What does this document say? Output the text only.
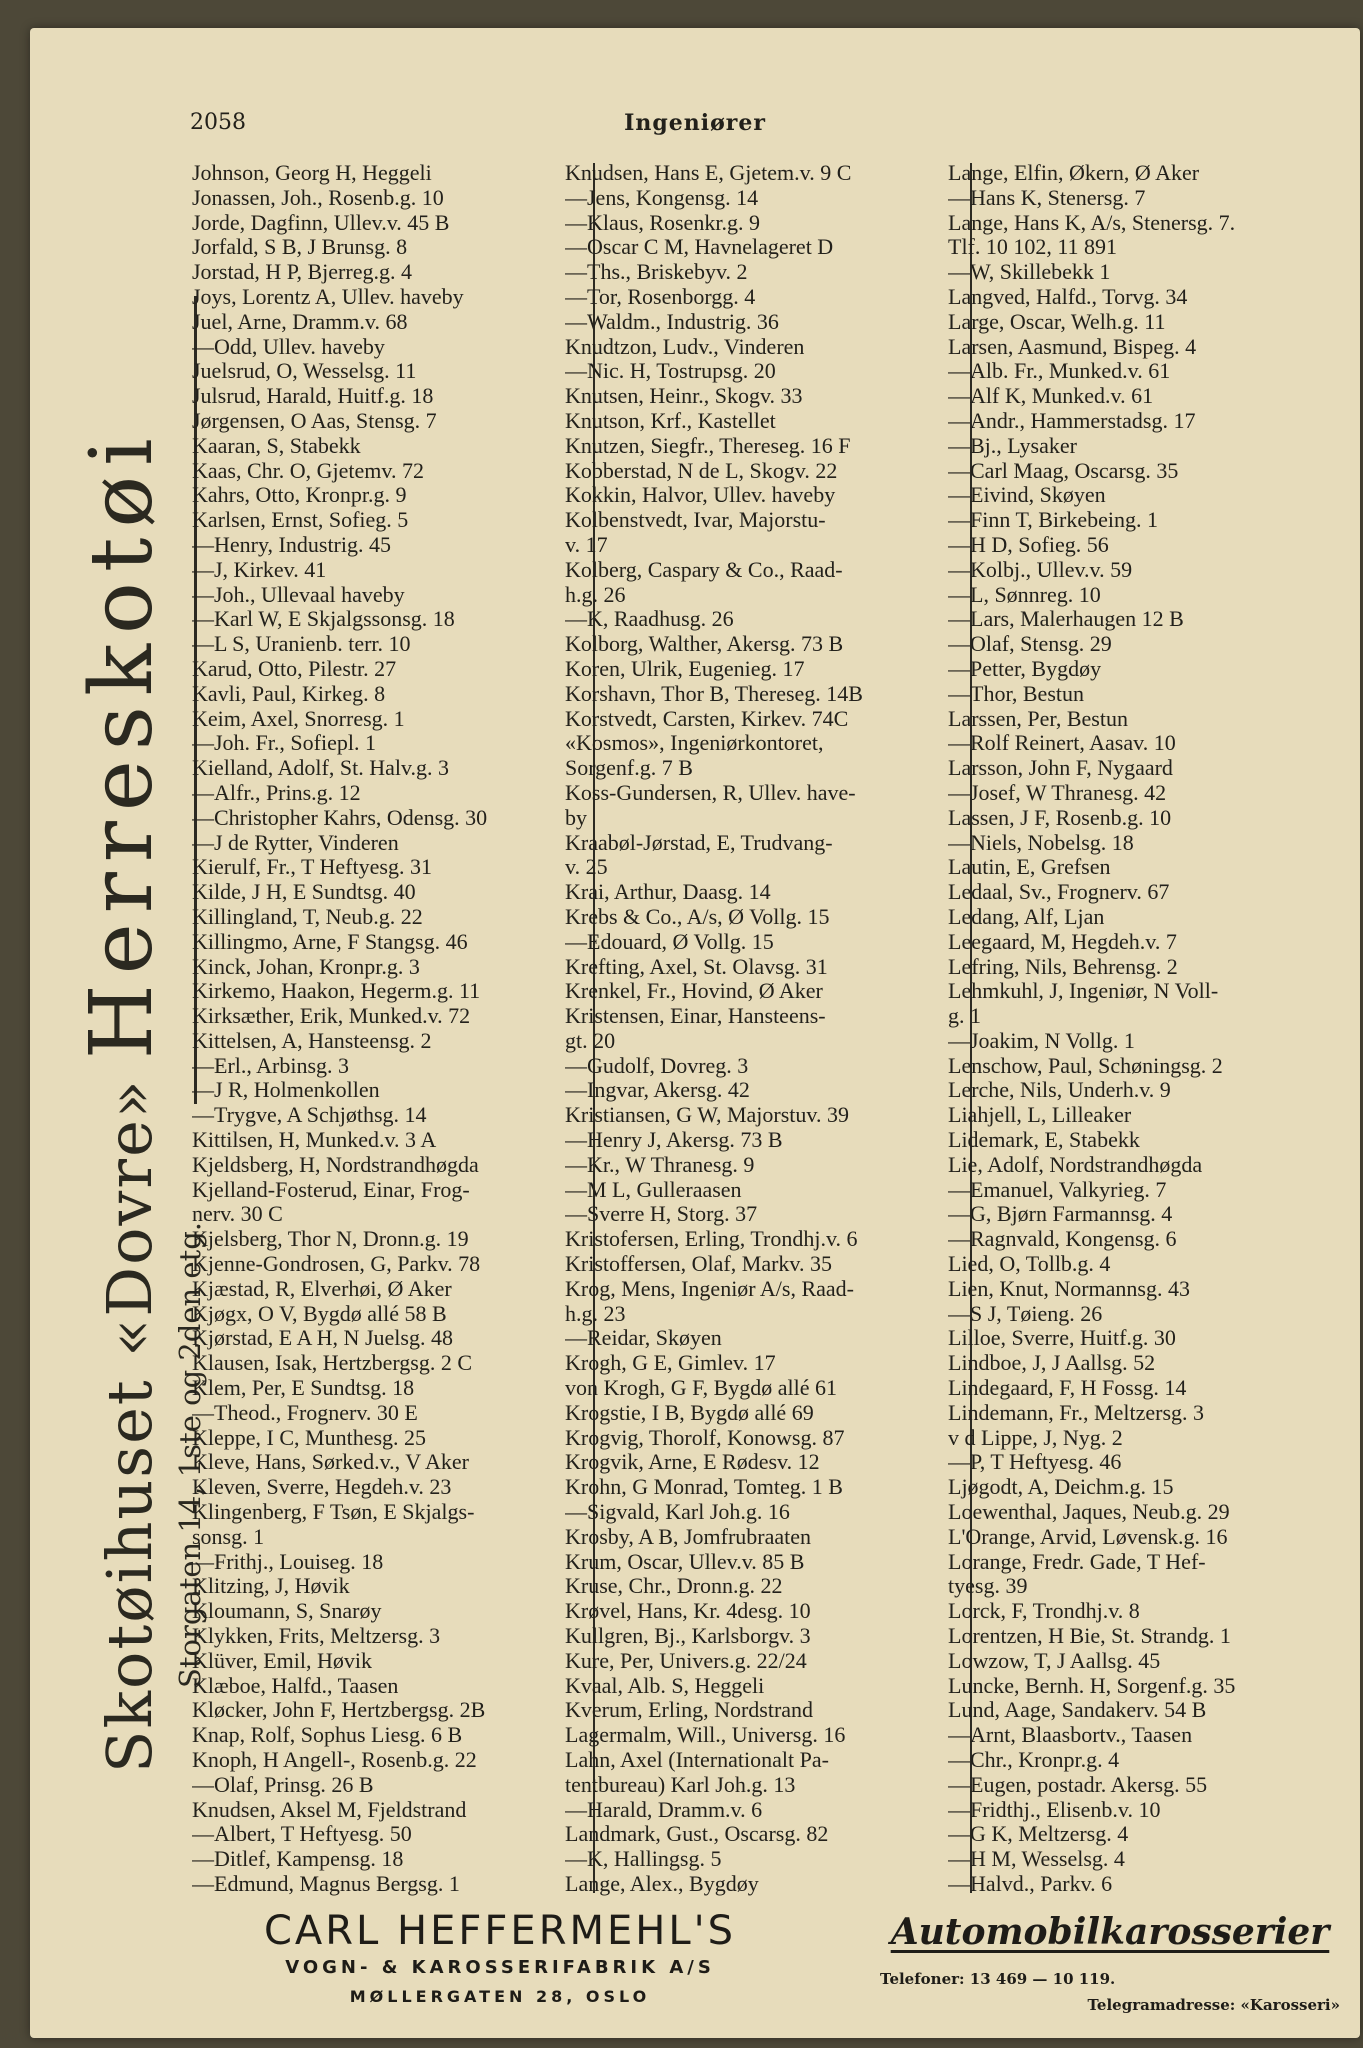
2058	Ingeniører
Skotøihuset «Dovre» Herreskotøi
Storgaten 14, 1ste og 2den etg.
Johnson, Georg H, Heggeli
Jonassen, Joh., Rosenb.g. 10
Jorde, Dagfinn, Ullev.v. 45 B
Jorfald, S B, J Brunsg. 8
Jorstad, H P, Bjerreg.g. 4
Joys, Lorentz A, Ullev. haveby
Juel, Arne, Dramm.v. 68
—Odd, Ullev. haveby
Juelsrud, O, Wesselsg. 11
Julsrud, Harald, Huitf.g. 18
Jørgensen, O Aas, Stensg. 7
Kaaran, S, Stabekk
Kaas, Chr. O, Gjetemv. 72
Kahrs, Otto, Kronpr.g. 9
Karlsen, Ernst, Sofieg. 5
—Henry, Industrig. 45
—J, Kirkev. 41
—Joh., Ullevaal haveby
—Karl W, E Skjalgssonsg. 18
—L S, Uranienb. terr. 10
Karud, Otto, Pilestr. 27
Kavli, Paul, Kirkeg. 8
Keim, Axel, Snorresg. 1
—Joh. Fr., Sofiepl. 1
Kielland, Adolf, St. Halv.g. 3
—Alfr., Prins.g. 12
—Christopher Kahrs, Odensg. 30
—J de Rytter, Vinderen
Kierulf, Fr., T Heftyesg. 31
Kilde, J H, E Sundtsg. 40
Killingland, T, Neub.g. 22
Killingmo, Arne, F Stangsg. 46
Kinck, Johan, Kronpr.g. 3
Kirkemo, Haakon, Hegerm.g. 11
Kirksæther, Erik, Munked.v. 72
Kittelsen, A, Hansteensg. 2
—Erl., Arbinsg. 3
—J R, Holmenkollen
—Trygve, A Schjøthsg. 14
Kittilsen, H, Munked.v. 3 A
Kjeldsberg, H, Nordstrandhøgda
Kjelland-Fosterud, Einar, Frog-
nerv. 30 C
Kjelsberg, Thor N, Dronn.g. 19
Kjenne-Gondrosen, G, Parkv. 78
Kjæstad, R, Elverhøi, Ø Aker
Kjøgx, O V, Bygdø allé 58 B
Kjørstad, E A H, N Juelsg. 48
Klausen, Isak, Hertzbergsg. 2 C
Klem, Per, E Sundtsg. 18
—Theod., Frognerv. 30 E
Kleppe, I C, Munthesg. 25
Kleve, Hans, Sørked.v., V Aker
Kleven, Sverre, Hegdeh.v. 23
Klingenberg, F Tsøn, E Skjalgs-
sonsg. 1
—Frithj., Louiseg. 18
Klitzing, J, Høvik
Kloumann, S, Snarøy
Klykken, Frits, Meltzersg. 3
Klüver, Emil, Høvik
Klæboe, Halfd., Taasen
Kløcker, John F, Hertzbergsg. 2B
Knap, Rolf, Sophus Liesg. 6 B
Knoph, H Angell-, Rosenb.g. 22
—Olaf, Prinsg. 26 B
Knudsen, Aksel M, Fjeldstrand
—Albert, T Heftyesg. 50
—Ditlef, Kampensg. 18
—Edmund, Magnus Bergsg. 1
Knudsen, Hans E, Gjetem.v. 9 C
—Jens, Kongensg. 14
—Klaus, Rosenkr.g. 9
—Oscar C M, Havnelageret D
—Ths., Briskebyv. 2
—Tor, Rosenborgg. 4
—Waldm., Industrig. 36
Knudtzon, Ludv., Vinderen
—Nic. H, Tostrupsg. 20
Knutsen, Heinr., Skogv. 33
Knutson, Krf., Kastellet
Knutzen, Siegfr., Thereseg. 16 F
Kobberstad, N de L, Skogv. 22
Kokkin, Halvor, Ullev. haveby
Kolbenstvedt, Ivar, Majorstu-
v. 17
Kolberg, Caspary & Co., Raad-
h.g. 26
—K, Raadhusg. 26
Kolborg, Walther, Akersg. 73 B
Koren, Ulrik, Eugenieg. 17
Korshavn, Thor B, Thereseg. 14B
Korstvedt, Carsten, Kirkev. 74C
«Kosmos», Ingeniørkontoret,
Sorgenf.g. 7 B
Koss-Gundersen, R, Ullev. have-
by
Kraabøl-Jørstad, E, Trudvang-
v. 25
Krai, Arthur, Daasg. 14
Krebs & Co., A/s, Ø Vollg. 15
—Edouard, Ø Vollg. 15
Krefting, Axel, St. Olavsg. 31
Krenkel, Fr., Hovind, Ø Aker
Kristensen, Einar, Hansteens-
gt. 20
—Gudolf, Dovreg. 3
—Ingvar, Akersg. 42
Kristiansen, G W, Majorstuv. 39
—Henry J, Akersg. 73 B
—Kr., W Thranesg. 9
—M L, Gulleraasen
—Sverre H, Storg. 37
Kristofersen, Erling, Trondhj.v. 6
Kristoffersen, Olaf, Markv. 35
Krog, Mens, Ingeniør A/s, Raad-
h.g. 23
—Reidar, Skøyen
Krogh, G E, Gimlev. 17
von Krogh, G F, Bygdø allé 61
Krogstie, I B, Bygdø allé 69
Krogvig, Thorolf, Konowsg. 87
Krogvik, Arne, E Rødesv. 12
Krohn, G Monrad, Tomteg. 1 B
—Sigvald, Karl Joh.g. 16
Krosby, A B, Jomfrubraaten
Krum, Oscar, Ullev.v. 85 B
Kruse, Chr., Dronn.g. 22
Krøvel, Hans, Kr. 4desg. 10
Kullgren, Bj., Karlsborgv. 3
Kure, Per, Univers.g. 22/24
Kvaal, Alb. S, Heggeli
Kverum, Erling, Nordstrand
Lagermalm, Will., Universg. 16
Lahn, Axel (Internationalt Pa-
tentbureau) Karl Joh.g. 13
—Harald, Dramm.v. 6
Landmark, Gust., Oscarsg. 82
—K, Hallingsg. 5
Lange, Alex., Bygdøy
Lange, Elfin, Økern, Ø Aker
—Hans K, Stenersg. 7
Lange, Hans K, A/s, Stenersg. 7.
Tlf. 10 102, 11 891
—W, Skillebekk 1
Langved, Halfd., Torvg. 34
Large, Oscar, Welh.g. 11
Larsen, Aasmund, Bispeg. 4
—Alb. Fr., Munked.v. 61
—Alf K, Munked.v. 61
—Andr., Hammerstadsg. 17
—Bj., Lysaker
—Carl Maag, Oscarsg. 35
—Eivind, Skøyen
—Finn T, Birkebeing. 1
—H D, Sofieg. 56
—Kolbj., Ullev.v. 59
—L, Sønnreg. 10
—Lars, Malerhaugen 12 B
—Olaf, Stensg. 29
—Petter, Bygdøy
—Thor, Bestun
Larssen, Per, Bestun
—Rolf Reinert, Aasav. 10
Larsson, John F, Nygaard
—Josef, W Thranesg. 42
Lassen, J F, Rosenb.g. 10
—Niels, Nobelsg. 18
Lautin, E, Grefsen
Ledaal, Sv., Frognerv. 67
Ledang, Alf, Ljan
Leegaard, M, Hegdeh.v. 7
Lefring, Nils, Behrensg. 2
Lehmkuhl, J, Ingeniør, N Voll-
g. 1
—Joakim, N Vollg. 1
Lenschow, Paul, Schøningsg. 2
Lerche, Nils, Underh.v. 9
Liahjell, L, Lilleaker
Lidemark, E, Stabekk
Lie, Adolf, Nordstrandhøgda
—Emanuel, Valkyrieg. 7
—G, Bjørn Farmannsg. 4
—Ragnvald, Kongensg. 6
Lied, O, Tollb.g. 4
Lien, Knut, Normannsg. 43
—S J, Tøieng. 26
Lilloe, Sverre, Huitf.g. 30
Lindboe, J, J Aallsg. 52
Lindegaard, F, H Fossg. 14
Lindemann, Fr., Meltzersg. 3
v d Lippe, J, Nyg. 2
—P, T Heftyesg. 46
Ljøgodt, A, Deichm.g. 15
Loewenthal, Jaques, Neub.g. 29
L'Orange, Arvid, Løvensk.g. 16
Lorange, Fredr. Gade, T Hef-
tyesg. 39
Lorck, F, Trondhj.v. 8
Lorentzen, H Bie, St. Strandg. 1
Lowzow, T, J Aallsg. 45
Luncke, Bernh. H, Sorgenf.g. 35
Lund, Aage, Sandakerv. 54 B
—Arnt, Blaasbortv., Taasen
—Chr., Kronpr.g. 4
—Eugen, postadr. Akersg. 55
—Fridthj., Elisenb.v. 10
—G K, Meltzersg. 4
—H M, Wesselsg. 4
—Halvd., Parkv. 6
CARL HEFFERMEHL'S
VOGN- & KAROSSERIFABRIK A/S
MØLLERGATEN 28, OSLO
Automobilkarosserier
Telefoner: 13 469 — 10 119.
Telegramadresse: «Karosseri»
